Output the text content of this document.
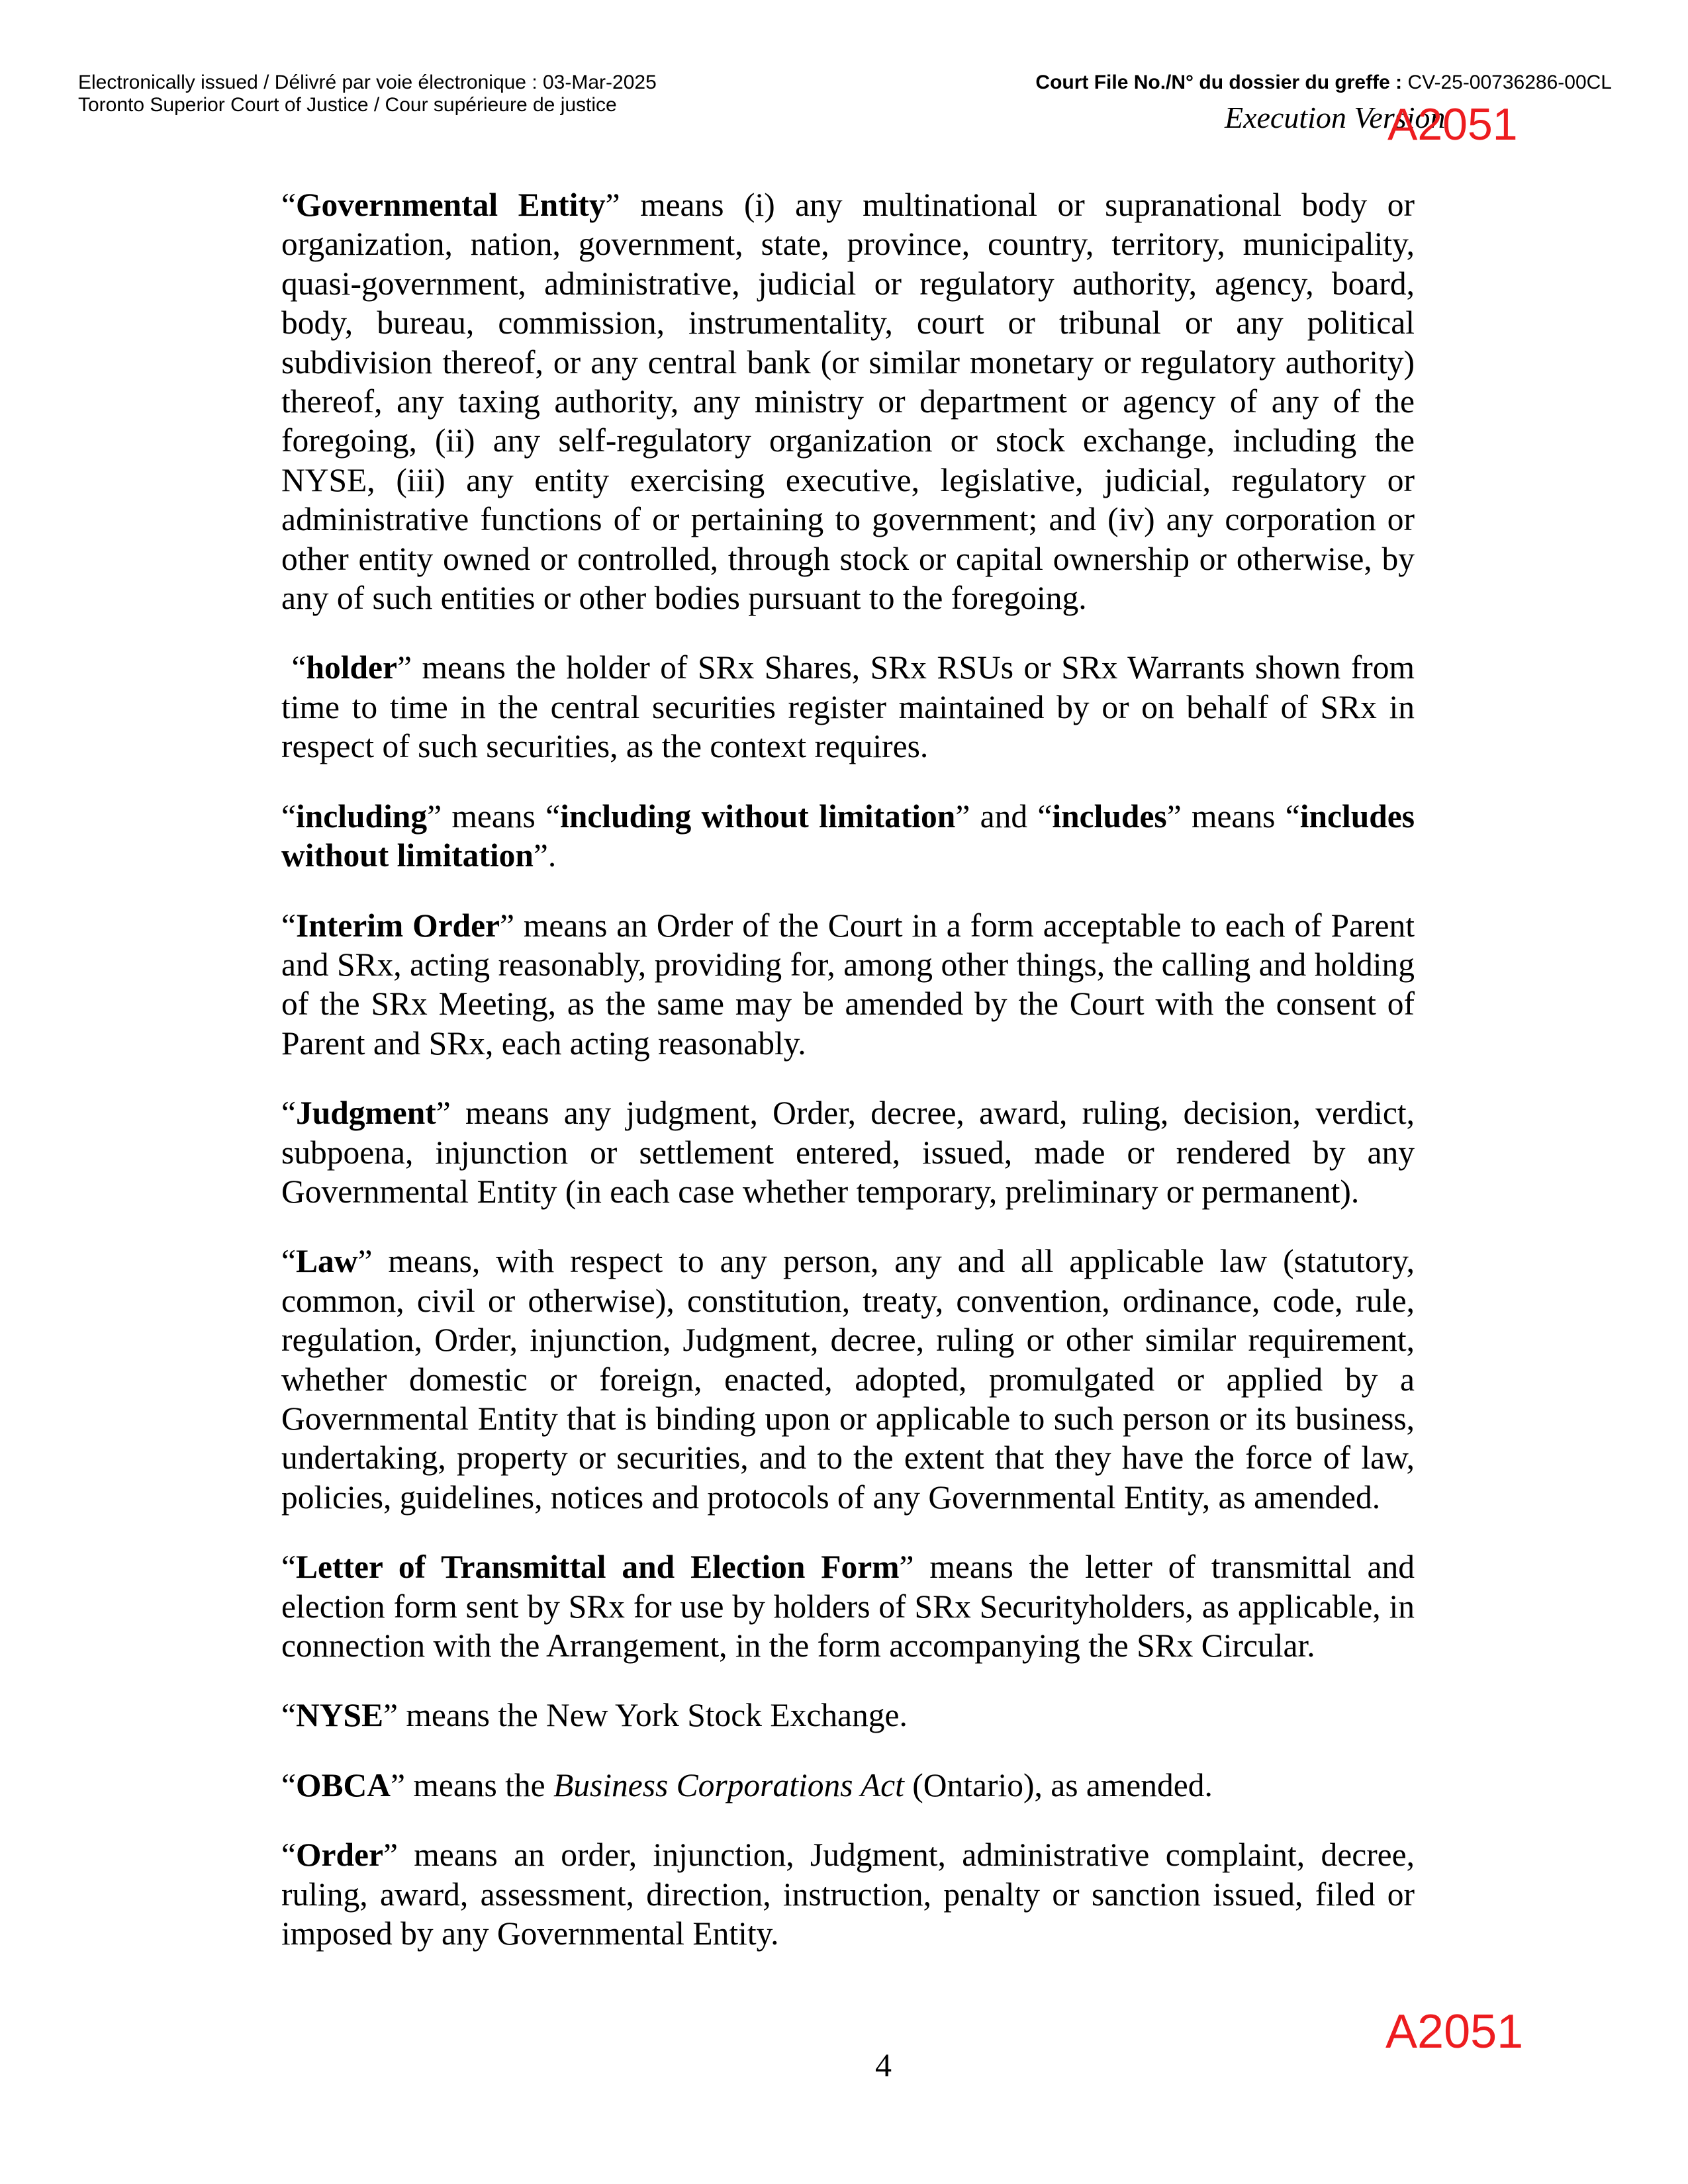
Electronically issued / Délivré par voie électronique : 03-Mar-2025
Toronto Superior Court of Justice / Cour supérieure de justice
Court File No./N° du dossier du greffe : CV-25-00736286-00CL
Execution Version
A2051

“Governmental Entity” means (i) any multinational or supranational body or organization, nation, government, state, province, country, territory, municipality, quasi-government, administrative, judicial or regulatory authority, agency, board, body, bureau, commission, instrumentality, court or tribunal or any political subdivision thereof, or any central bank (or similar monetary or regulatory authority) thereof, any taxing authority, any ministry or department or agency of any of the foregoing, (ii) any self-regulatory organization or stock exchange, including the NYSE, (iii) any entity exercising executive, legislative, judicial, regulatory or administrative functions of or pertaining to government; and (iv) any corporation or other entity owned or controlled, through stock or capital ownership or otherwise, by any of such entities or other bodies pursuant to the foregoing.

“holder” means the holder of SRx Shares, SRx RSUs or SRx Warrants shown from time to time in the central securities register maintained by or on behalf of SRx in respect of such securities, as the context requires.

“including” means “including without limitation” and “includes” means “includes without limitation”.

“Interim Order” means an Order of the Court in a form acceptable to each of Parent and SRx, acting reasonably, providing for, among other things, the calling and holding of the SRx Meeting, as the same may be amended by the Court with the consent of Parent and SRx, each acting reasonably.

“Judgment” means any judgment, Order, decree, award, ruling, decision, verdict, subpoena, injunction or settlement entered, issued, made or rendered by any Governmental Entity (in each case whether temporary, preliminary or permanent).

“Law” means, with respect to any person, any and all applicable law (statutory, common, civil or otherwise), constitution, treaty, convention, ordinance, code, rule, regulation, Order, injunction, Judgment, decree, ruling or other similar requirement, whether domestic or foreign, enacted, adopted, promulgated or applied by a Governmental Entity that is binding upon or applicable to such person or its business, undertaking, property or securities, and to the extent that they have the force of law, policies, guidelines, notices and protocols of any Governmental Entity, as amended.

“Letter of Transmittal and Election Form” means the letter of transmittal and election form sent by SRx for use by holders of SRx Securityholders, as applicable, in connection with the Arrangement, in the form accompanying the SRx Circular.

“NYSE” means the New York Stock Exchange.

“OBCA” means the Business Corporations Act (Ontario), as amended.

“Order” means an order, injunction, Judgment, administrative complaint, decree, ruling, award, assessment, direction, instruction, penalty or sanction issued, filed or imposed by any Governmental Entity.

4
A2051
